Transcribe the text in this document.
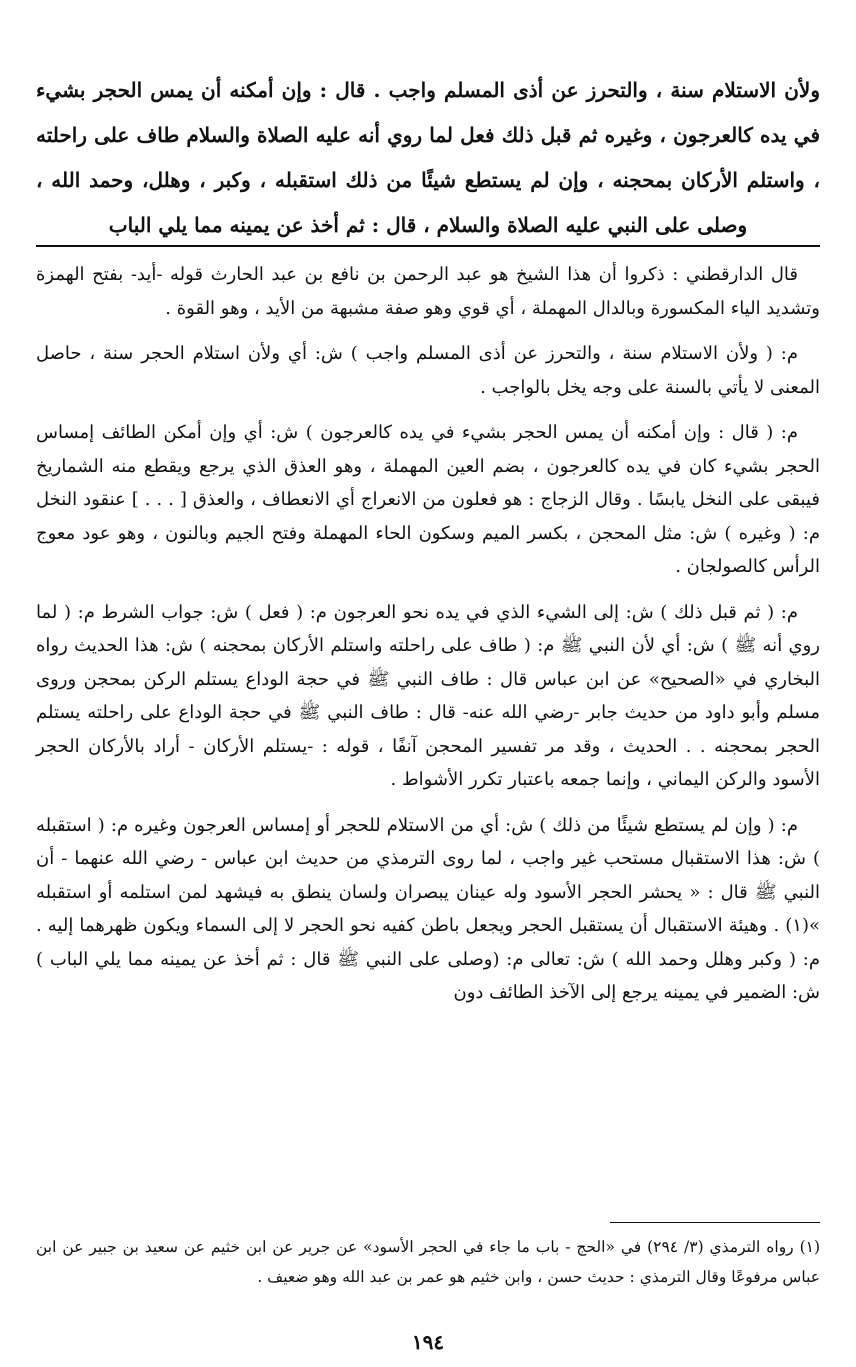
ولأن الاستلام سنة ، والتحرز عن أذى المسلم واجب . قال : وإن أمكنه أن يمس الحجر بشيء في يده كالعرجون ، وغيره ثم قبل ذلك فعل لما روي أنه عليه الصلاة والسلام طاف على راحلته ، واستلم الأركان بمحجنه ، وإن لم يستطع شيئًا من ذلك استقبله ، وكبر ، وهلل، وحمد الله ، وصلى على النبي عليه الصلاة والسلام ، قال : ثم أخذ عن يمينه مما يلي الباب

قال الدارقطني : ذكروا أن هذا الشيخ هو عبد الرحمن بن نافع بن عبد الحارث قوله -أيد- بفتح الهمزة وتشديد الياء المكسورة وبالدال المهملة ، أي قوي وهو صفة مشبهة من الأيد ، وهو القوة .

م: ( ولأن الاستلام سنة ، والتحرز عن أذى المسلم واجب ) ش: أي ولأن استلام الحجر سنة ، حاصل المعنى لا يأتي بالسنة على وجه يخل بالواجب .

م: ( قال : وإن أمكنه أن يمس الحجر بشيء في يده كالعرجون ) ش: أي وإن أمكن الطائف إمساس الحجر بشيء كان في يده كالعرجون ، بضم العين المهملة ، وهو العذق الذي يرجع ويقطع منه الشماريخ فيبقى على النخل يابسًا . وقال الزجاج : هو فعلون من الانعراج أي الانعطاف ، والعذق [ . . . ] عنقود النخل م: ( وغيره ) ش: مثل المحجن ، بكسر الميم وسكون الحاء المهملة وفتح الجيم وبالنون ، وهو عود معوج الرأس كالصولجان .

م: ( ثم قبل ذلك ) ش: إلى الشيء الذي في يده نحو العرجون م: ( فعل ) ش: جواب الشرط م: ( لما روي أنه ﷺ ) ش: أي لأن النبي ﷺ م: ( طاف على راحلته واستلم الأركان بمحجنه ) ش: هذا الحديث رواه البخاري في «الصحيح» عن ابن عباس قال : طاف النبي ﷺ في حجة الوداع يستلم الركن بمحجن وروى مسلم وأبو داود من حديث جابر -رضي الله عنه- قال : طاف النبي ﷺ في حجة الوداع على راحلته يستلم الحجر بمحجنه . . الحديث ، وقد مر تفسير المحجن آنفًا ، قوله : -يستلم الأركان - أراد بالأركان الحجر الأسود والركن اليماني ، وإنما جمعه باعتبار تكرر الأشواط .

م: ( وإن لم يستطع شيئًا من ذلك ) ش: أي من الاستلام للحجر أو إمساس العرجون وغيره م: ( استقبله ) ش: هذا الاستقبال مستحب غير واجب ، لما روى الترمذي من حديث ابن عباس - رضي الله عنهما - أن النبي ﷺ قال : « يحشر الحجر الأسود وله عينان يبصران ولسان ينطق به فيشهد لمن استلمه أو استقبله »(١) . وهيئة الاستقبال أن يستقبل الحجر ويجعل باطن كفيه نحو الحجر لا إلى السماء ويكون ظهرهما إليه . م: ( وكبر وهلل وحمد الله ) ش: تعالى م: (وصلى على النبي ﷺ قال : ثم أخذ عن يمينه مما يلي الباب ) ش: الضمير في يمينه يرجع إلى الآخذ الطائف دون

(١) رواه الترمذي (٣/ ٢٩٤) في «الحج - باب ما جاء في الحجر الأسود» عن جرير عن ابن خثيم عن سعيد بن جبير عن ابن عباس مرفوعًا وقال الترمذي : حديث حسن ، وابن خثيم هو عمر بن عبد الله وهو ضعيف .
١٩٤
